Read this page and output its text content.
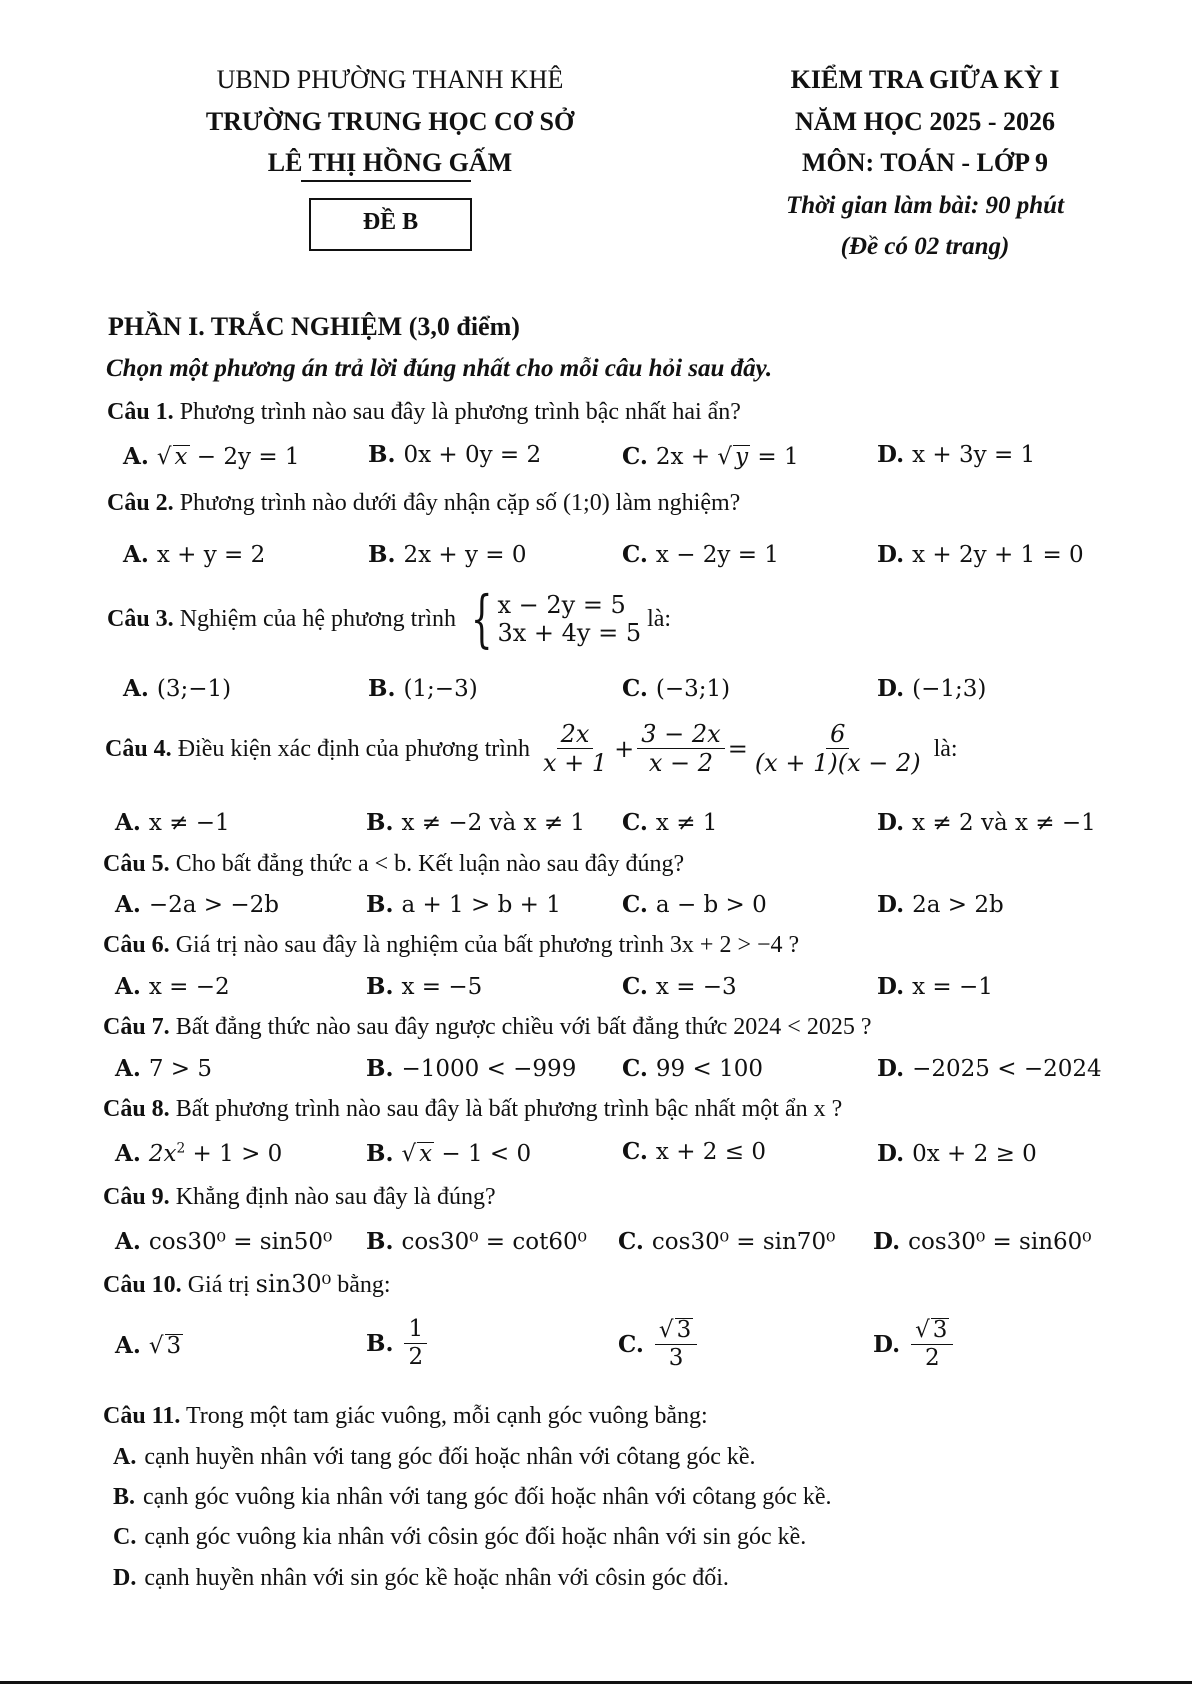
UBND PHƯỜNG THANH KHÊ
TRƯỜNG TRUNG HỌC CƠ SỞ
LÊ THỊ HỒNG GẤM
KIỂM TRA GIỮA KỲ I
NĂM HỌC 2025 - 2026
MÔN: TOÁN - LỚP 9
ĐỀ B
Thời gian làm bài: 90 phút
(Đề có 02 trang)
PHẦN I. TRẮC NGHIỆM (3,0 điểm)
Chọn một phương án trả lời đúng nhất cho mỗi câu hỏi sau đây.
Câu 1. Phương trình nào sau đây là phương trình bậc nhất hai ẩn?
A. √ x − 2y = 1	B. 0x + 0y = 2	C. 2x + √ y = 1	D. x + 3y = 1
Câu 2. Phương trình nào dưới đây nhận cặp số (1;0) làm nghiệm?
A. x + y = 2	B. 2x + y = 0	C. x − 2y = 1	D. x + 2y + 1 = 0
Câu 3.
Nghiệm của hệ phương trình
{ x − 2y = 5
3x + 4y = 5
là:
A. (3;−1)	B. (1;−3)	C. (−3;1)	D. (−1;3)
Câu 4.
Điều kiện xác định của phương trình
$\frac{2x}{x + 1} + \frac{3 - 2x}{x - 2} = \frac{6}{(x + 1)(x - 2)}$
là:
A. x ≠ −1	B. x ≠ −2 và x ≠ 1 C. x ≠ 1	D. x ≠ 2 và x ≠ −1
Câu 5. Cho bất đẳng thức a < b. Kết luận nào sau đây đúng?
A. −2a > −2b	B. a + 1 > b + 1	C. a − b > 0	D. 2a > 2b
Câu 6. Giá trị nào sau đây là nghiệm của bất phương trình 3x + 2 > −4 ?
A. x = −2	B. x = −5	C. x = −3	D. x = −1
Câu 7. Bất đẳng thức nào sau đây ngược chiều với bất đẳng thức 2024 < 2025 ?
A. 7 > 5	B. −1000 < −999 C. 99 < 100	D. −2025 < −2024
Câu 8. Bất phương trình nào sau đây là bất phương trình bậc nhất một ẩn x ?
A. $2x^2 + 1 > 0$	B. √ x − 1 < 0	C. x + 2 ≤ 0	D. 0x + 2 ≥ 0
Câu 9. Khẳng định nào sau đây là đúng?
A. cos30⁰ = sin50⁰ B. cos30⁰ = cot60⁰ C. cos30⁰ = sin70⁰ D. cos30⁰ = sin60⁰
Câu 10. Giá trị sin30⁰ bằng:
A. √ 3	B. $\frac{1}{2}$	C. $\frac{√ 3}{3}$	D. $\frac{√ 3}{2}$
Câu 11. Trong một tam giác vuông, mỗi cạnh góc vuông bằng:
A. cạnh huyền nhân với tang góc đối hoặc nhân với côtang góc kề.
B. cạnh góc vuông kia nhân với tang góc đối hoặc nhân với côtang góc kề.
C. cạnh góc vuông kia nhân với côsin góc đối hoặc nhân với sin góc kề.
D. cạnh huyền nhân với sin góc kề hoặc nhân với côsin góc đối.
